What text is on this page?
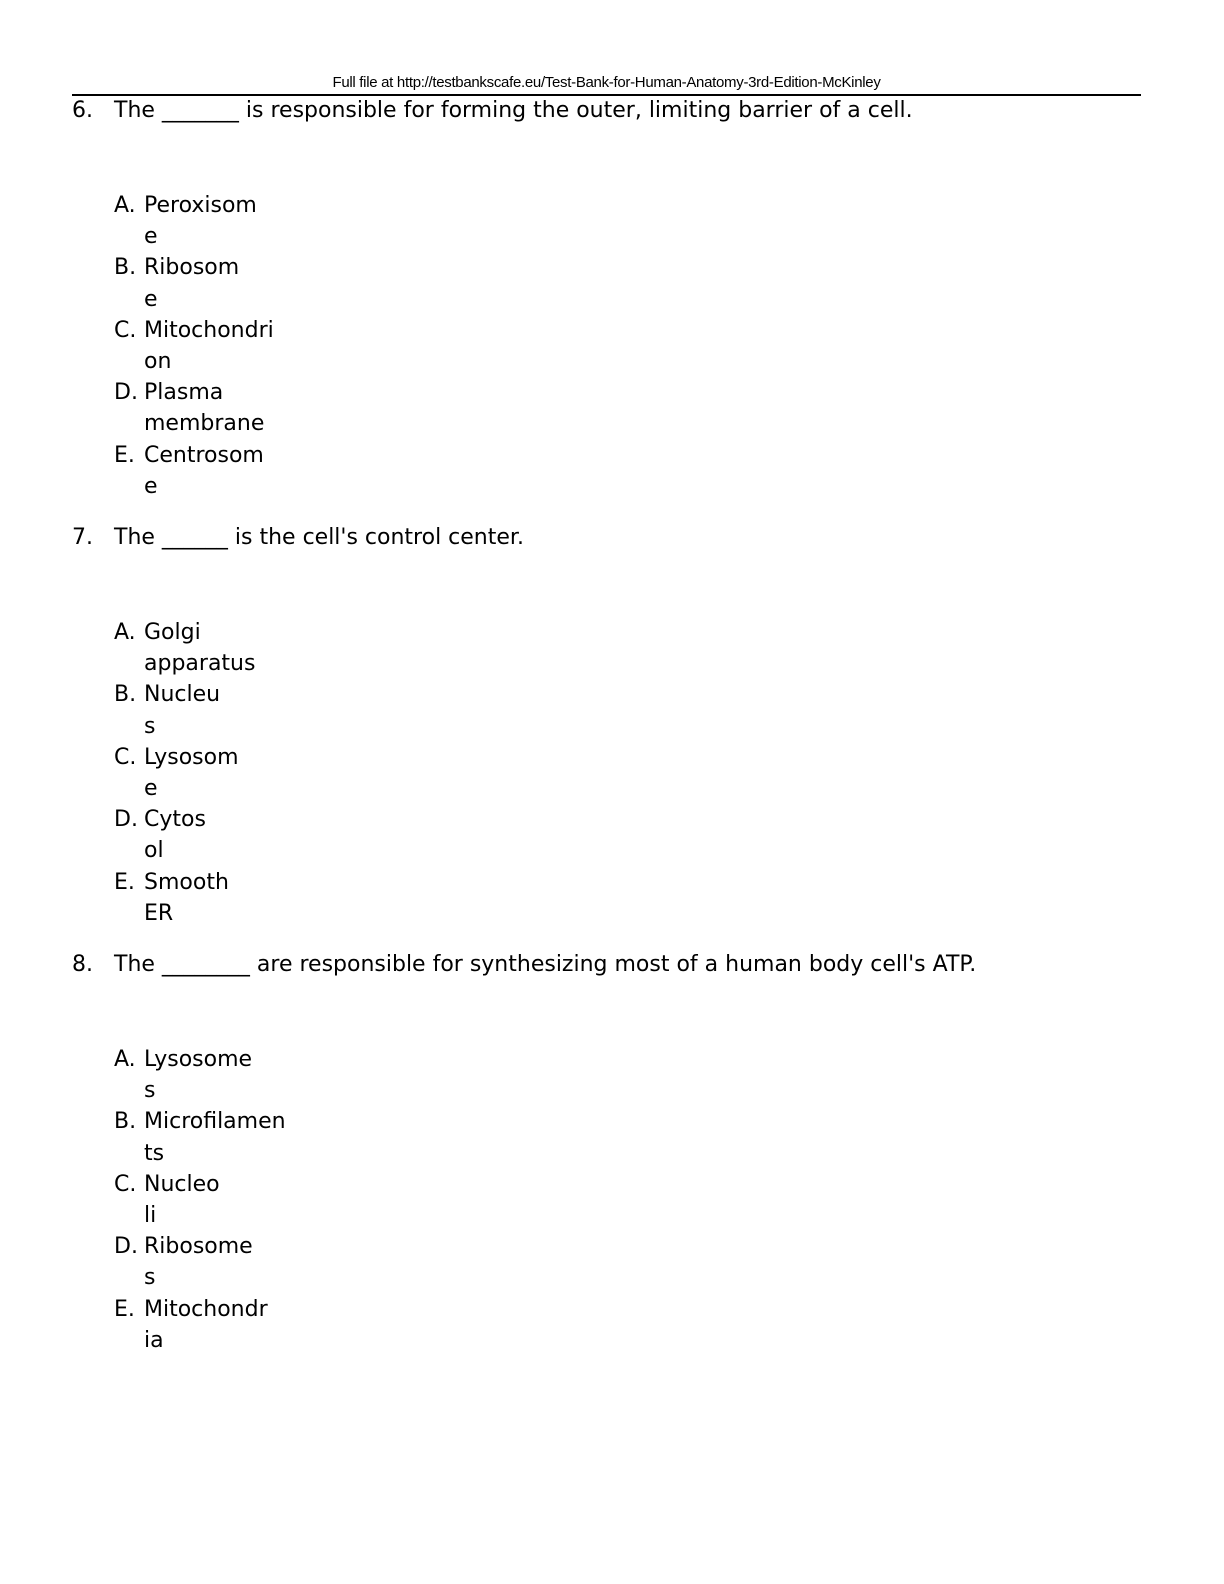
Full file at http://testbankscafe.eu/Test-Bank-for-Human-Anatomy-3rd-Edition-McKinley
6. The _______ is responsible for forming the outer, limiting barrier of a cell.
A. Peroxisom
e
B. Ribosom
e
C. Mitochondri
on
D. Plasma
membrane
E. Centrosom
e
7. The ______ is the cell's control center.
A. Golgi
apparatus
B. Nucleu
s
C. Lysosom
e
D. Cytos
ol
E. Smooth
ER
8. The ________ are responsible for synthesizing most of a human body cell's ATP.
A. Lysosome
s
B. Microfilamen
ts
C. Nucleo
li
D. Ribosome
s
E. Mitochondr
ia
